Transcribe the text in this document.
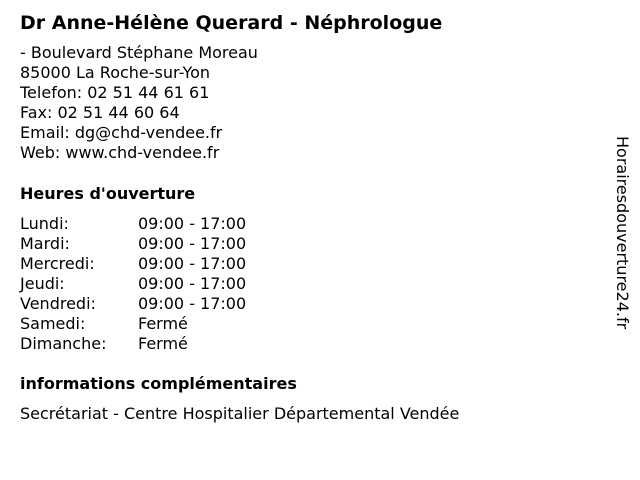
Dr Anne-Hélène Querard - Néphrologue
- Boulevard Stéphane Moreau
85000 La Roche-sur-Yon
Telefon: 02 51 44 61 61
Fax: 02 51 44 60 64
Email: dg@chd-vendee.fr
Web: www.chd-vendee.fr
Heures d'ouverture
Lundi:	09:00 - 17:00
Mardi:	09:00 - 17:00
Mercredi:	09:00 - 17:00
Jeudi:	09:00 - 17:00
Vendredi:	09:00 - 17:00
Samedi:	Fermé
Dimanche: Fermé
informations complémentaires
Secrétariat - Centre Hospitalier Départemental Vendée
Horairesdouverture24.fr
